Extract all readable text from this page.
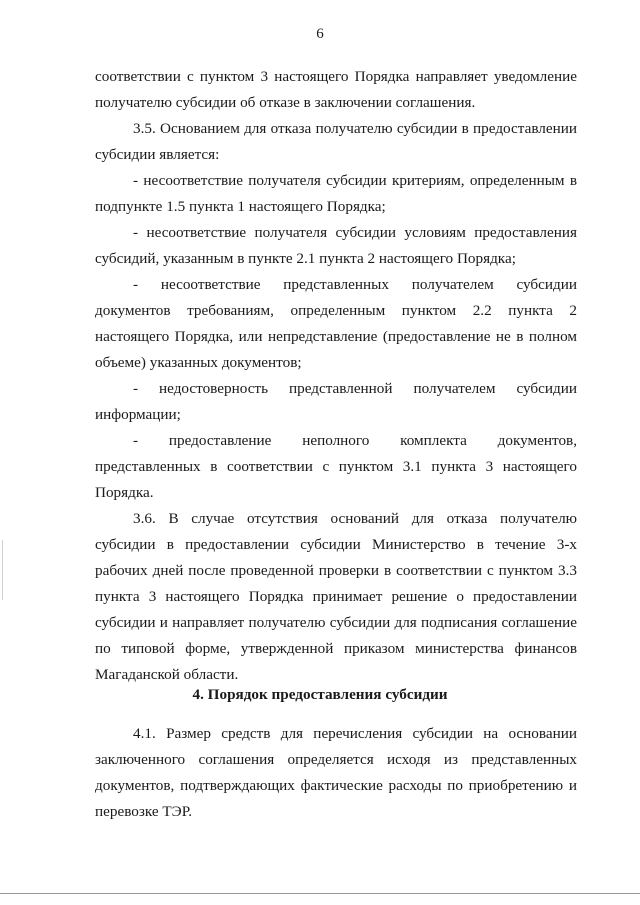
6

соответствии с пунктом 3 настоящего Порядка направляет уведомление получателю субсидии об отказе в заключении соглашения.

3.5. Основанием для отказа получателю субсидии в предоставлении субсидии является:

- несоответствие получателя субсидии критериям, определенным в подпункте 1.5 пункта 1 настоящего Порядка;

- несоответствие получателя субсидии условиям предоставления субсидий, указанным в пункте 2.1 пункта 2 настоящего Порядка;

- несоответствие представленных получателем субсидии документов требованиям, определенным пунктом 2.2 пункта 2 настоящего Порядка, или непредставление (предоставление не в полном объеме) указанных документов;

- недостоверность представленной получателем субсидии информации;

- предоставление неполного комплекта документов, представленных в соответствии с пунктом 3.1 пункта 3 настоящего Порядка.

3.6. В случае отсутствия оснований для отказа получателю субсидии в предоставлении субсидии Министерство в течение 3-х рабочих дней после проведенной проверки в соответствии с пунктом 3.3 пункта 3 настоящего Порядка принимает решение о предоставлении субсидии и направляет получателю субсидии для подписания соглашение по типовой форме, утвержденной приказом министерства финансов Магаданской области.

4. Порядок предоставления субсидии

4.1. Размер средств для перечисления субсидии на основании заключенного соглашения определяется исходя из представленных документов, подтверждающих фактические расходы по приобретению и перевозке ТЭР.
